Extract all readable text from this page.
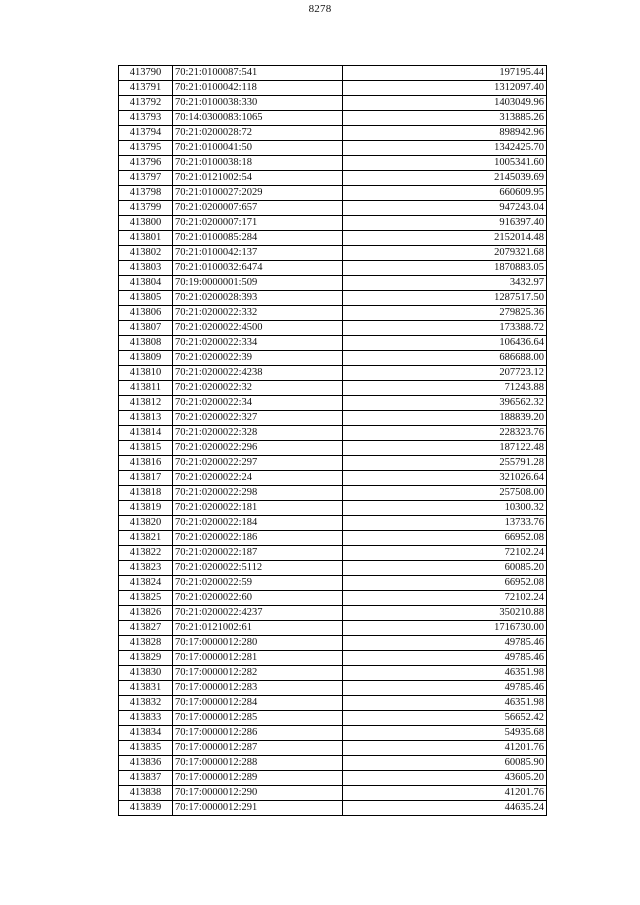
8278
413790	70:21:0100087:541	197195.44
413791	70:21:0100042:118	1312097.40
413792	70:21:0100038:330	1403049.96
413793	70:14:0300083:1065	313885.26
413794	70:21:0200028:72	898942.96
413795	70:21:0100041:50	1342425.70
413796	70:21:0100038:18	1005341.60
413797	70:21:0121002:54	2145039.69
413798	70:21:0100027:2029	660609.95
413799	70:21:0200007:657	947243.04
413800	70:21:0200007:171	916397.40
413801	70:21:0100085:284	2152014.48
413802	70:21:0100042:137	2079321.68
413803	70:21:0100032:6474	1870883.05
413804	70:19:0000001:509	3432.97
413805	70:21:0200028:393	1287517.50
413806	70:21:0200022:332	279825.36
413807	70:21:0200022:4500	173388.72
413808	70:21:0200022:334	106436.64
413809	70:21:0200022:39	686688.00
413810	70:21:0200022:4238	207723.12
413811	70:21:0200022:32	71243.88
413812	70:21:0200022:34	396562.32
413813	70:21:0200022:327	188839.20
413814	70:21:0200022:328	228323.76
413815	70:21:0200022:296	187122.48
413816	70:21:0200022:297	255791.28
413817	70:21:0200022:24	321026.64
413818	70:21:0200022:298	257508.00
413819	70:21:0200022:181	10300.32
413820	70:21:0200022:184	13733.76
413821	70:21:0200022:186	66952.08
413822	70:21:0200022:187	72102.24
413823	70:21:0200022:5112	60085.20
413824	70:21:0200022:59	66952.08
413825	70:21:0200022:60	72102.24
413826	70:21:0200022:4237	350210.88
413827	70:21:0121002:61	1716730.00
413828	70:17:0000012:280	49785.46
413829	70:17:0000012:281	49785.46
413830	70:17:0000012:282	46351.98
413831	70:17:0000012:283	49785.46
413832	70:17:0000012:284	46351.98
413833	70:17:0000012:285	56652.42
413834	70:17:0000012:286	54935.68
413835	70:17:0000012:287	41201.76
413836	70:17:0000012:288	60085.90
413837	70:17:0000012:289	43605.20
413838	70:17:0000012:290	41201.76
413839	70:17:0000012:291	44635.24
